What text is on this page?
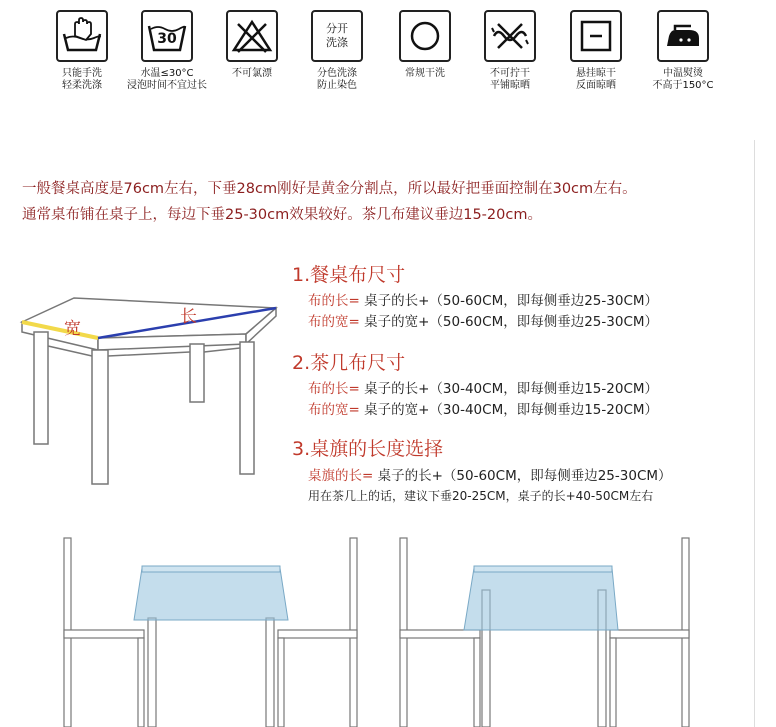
只能手洗
轻柔洗涤
30
水温≤30°C
浸泡时间不宜过长
不可氯漂
分开
洗涤
分色洗涤
防止染色
常规干洗	不可拧干
平铺晾晒
悬挂晾干
反面晾晒
中温熨烫
不高于150°C
一般餐桌高度是76cm左右，下垂28cm刚好是黄金分割点，所以最好把垂面控制在30cm左右。
通常桌布铺在桌子上，每边下垂25-30cm效果较好。茶几布建议垂边15-20cm。
宽
长
1.餐桌布尺寸
布的长= 桌子的长+（50-60CM，即每侧垂边25-30CM）
布的宽= 桌子的宽+（50-60CM，即每侧垂边25-30CM）
2.茶几布尺寸
布的长= 桌子的长+（30-40CM，即每侧垂边15-20CM）
布的宽= 桌子的宽+（30-40CM，即每侧垂边15-20CM）
3.桌旗的长度选择
桌旗的长= 桌子的长+（50-60CM，即每侧垂边25-30CM）
用在茶几上的话，建议下垂20-25CM，桌子的长+40-50CM左右
